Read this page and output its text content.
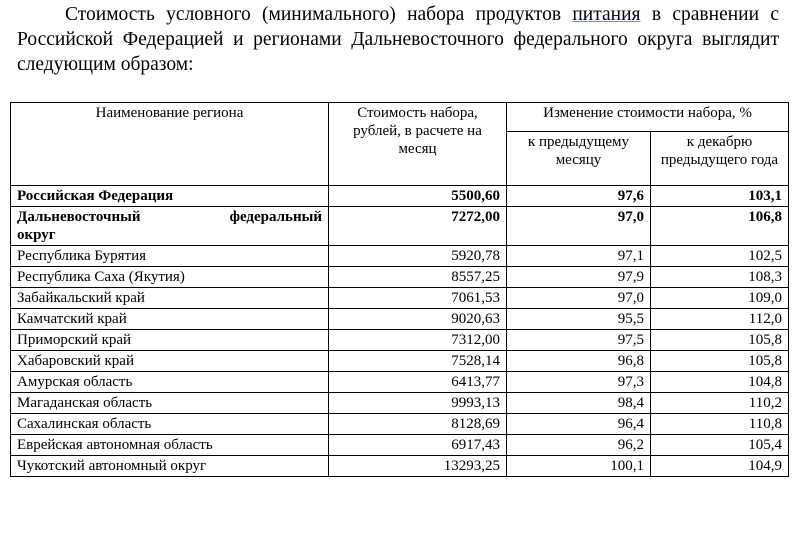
Стоимость условного (минимального) набора продуктов питания в сравнении с Российской Федерацией и регионами Дальневосточного федерального округа выглядит следующим образом:

Наименование региона	Стоимость набора, рублей, в расчете на месяц	Изменение стоимости набора, %	
		к предыдущему месяцу	к декабрю предыдущего года
Российская Федерация	5500,60	97,6	103,1

Дальневосточный федеральный
округ	7272,00	97,0	106,8
Республика Бурятия	5920,78	97,1	102,5
Республика Саха (Якутия)	8557,25	97,9	108,3
Забайкальский край	7061,53	97,0	109,0
Камчатский край	9020,63	95,5	112,0
Приморский край	7312,00	97,5	105,8
Хабаровский край	7528,14	96,8	105,8
Амурская область	6413,77	97,3	104,8
Магаданская область	9993,13	98,4	110,2
Сахалинская область	8128,69	96,4	110,8
Еврейская автономная область	6917,43	96,2	105,4
Чукотский автономный округ	13293,25	100,1	104,9
